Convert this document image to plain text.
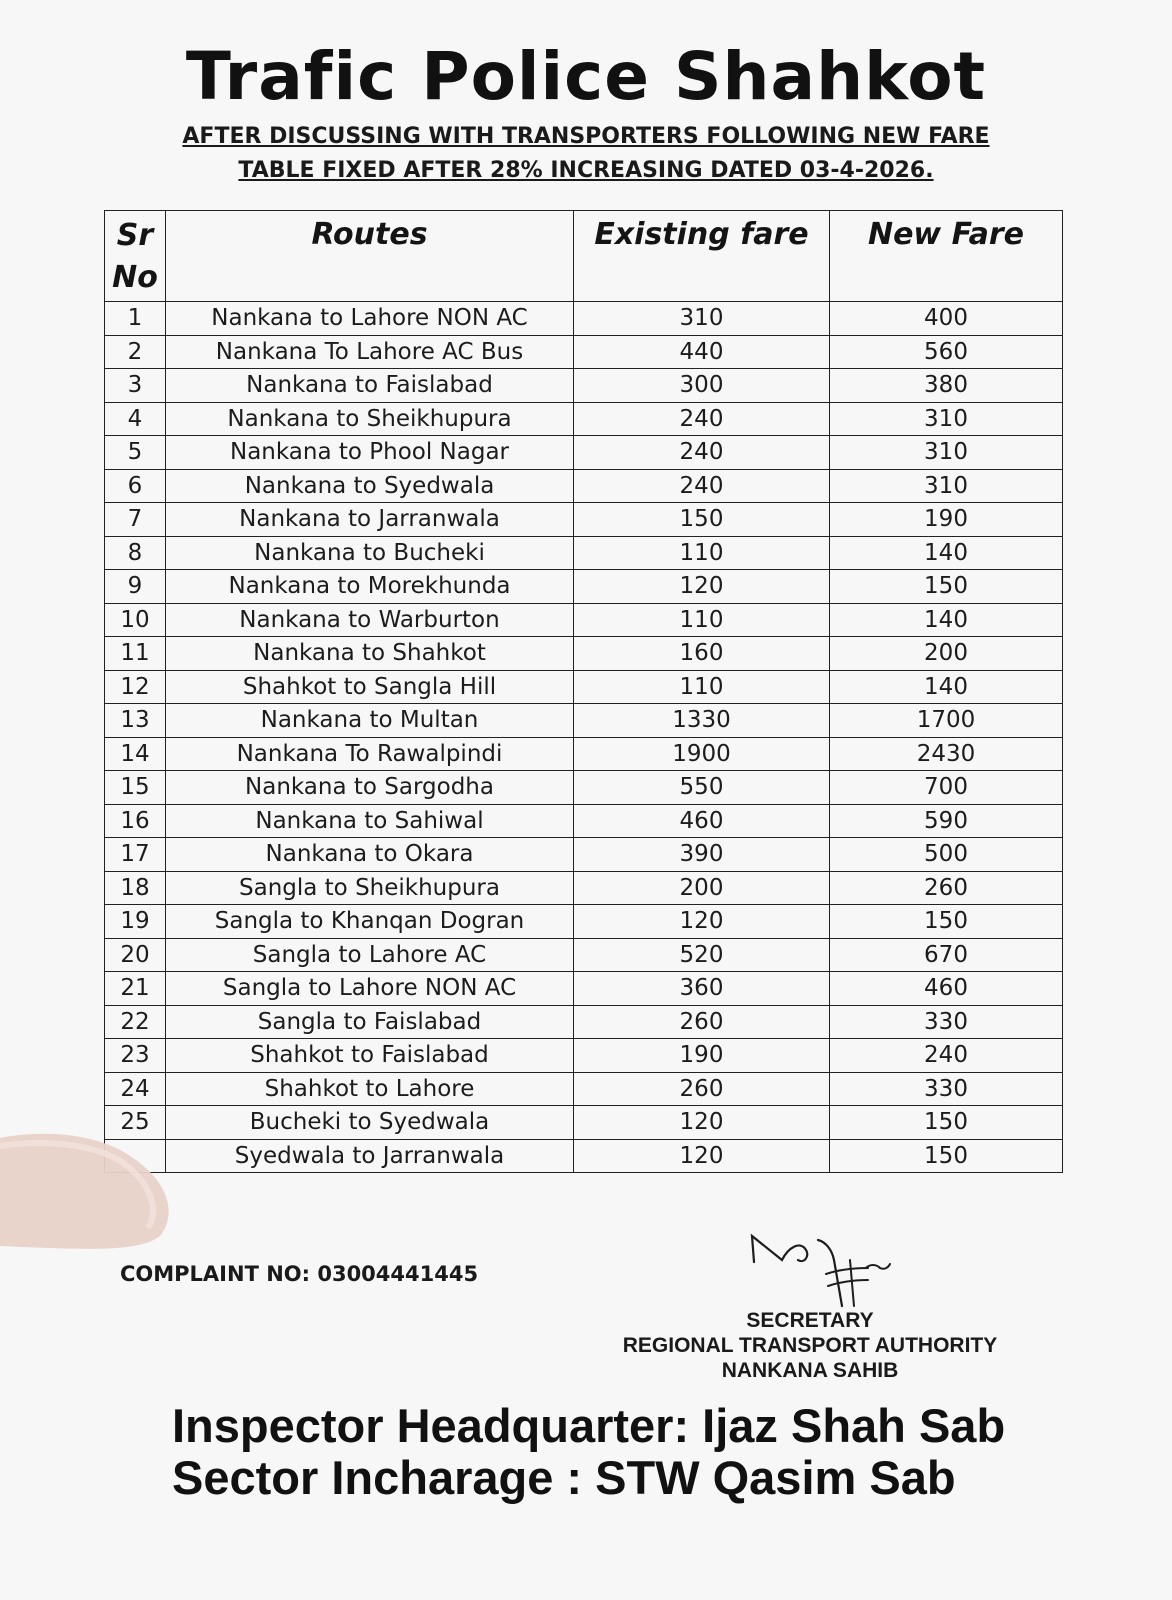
Trafic Police Shahkot
AFTER DISCUSSING WITH TRANSPORTERS FOLLOWING NEW FARE
TABLE FIXED AFTER 28% INCREASING DATED 03-4-2026.
Sr
No	Routes	Existing fare	New Fare
1	Nankana to Lahore NON AC	310	400
2	Nankana To Lahore AC Bus	440	560
3	Nankana to Faislabad	300	380
4	Nankana to Sheikhupura	240	310
5	Nankana to Phool Nagar	240	310
6	Nankana to Syedwala	240	310
7	Nankana to Jarranwala	150	190
8	Nankana to Bucheki	110	140
9	Nankana to Morekhunda	120	150
10	Nankana to Warburton	110	140
11	Nankana to Shahkot	160	200
12	Shahkot to Sangla Hill	110	140
13	Nankana to Multan	1330	1700
14	Nankana To Rawalpindi	1900	2430
15	Nankana to Sargodha	550	700
16	Nankana to Sahiwal	460	590
17	Nankana to Okara	390	500
18	Sangla to Sheikhupura	200	260
19	Sangla to Khanqan Dogran	120	150
20	Sangla to Lahore AC	520	670
21	Sangla to Lahore NON AC	360	460
22	Sangla to Faislabad	260	330
23	Shahkot to Faislabad	190	240
24	Shahkot to Lahore	260	330
25	Bucheki to Syedwala	120	150
	Syedwala to Jarranwala	120	150
COMPLAINT NO: 03004441445
SECRETARY
REGIONAL TRANSPORT AUTHORITY
NANKANA SAHIB
Inspector Headquarter: Ijaz Shah Sab
Sector Incharage : STW Qasim Sab
